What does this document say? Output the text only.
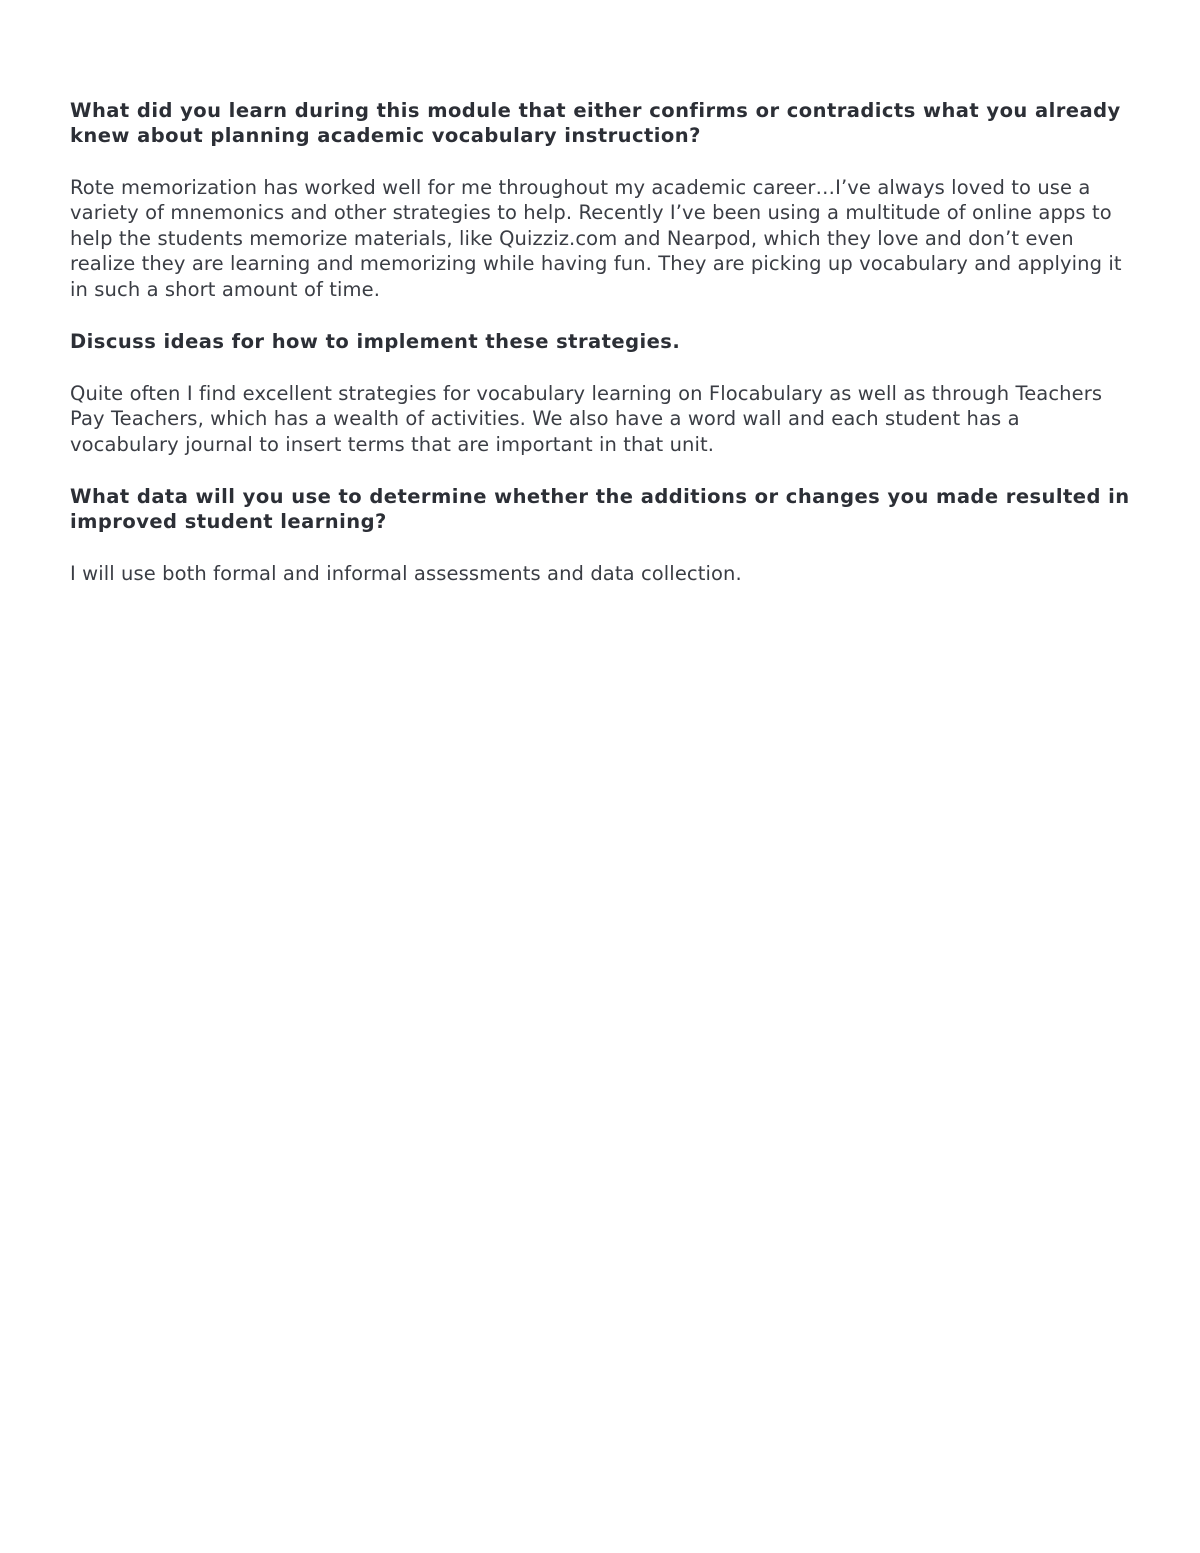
What did you learn during this module that either confirms or contradicts what you already knew about planning academic vocabulary instruction?

Rote memorization has worked well for me throughout my academic career…I’ve always loved to use a variety of mnemonics and other strategies to help. Recently I’ve been using a multitude of online apps to help the students memorize materials, like Quizziz.com and Nearpod, which they love and don’t even realize they are learning and memorizing while having fun. They are picking up vocabulary and applying it in such a short amount of time.

Discuss ideas for how to implement these strategies.

Quite often I find excellent strategies for vocabulary learning on Flocabulary as well as through Teachers Pay Teachers, which has a wealth of activities. We also have a word wall and each student has a vocabulary journal to insert terms that are important in that unit.

What data will you use to determine whether the additions or changes you made resulted in improved student learning?

I will use both formal and informal assessments and data collection.
